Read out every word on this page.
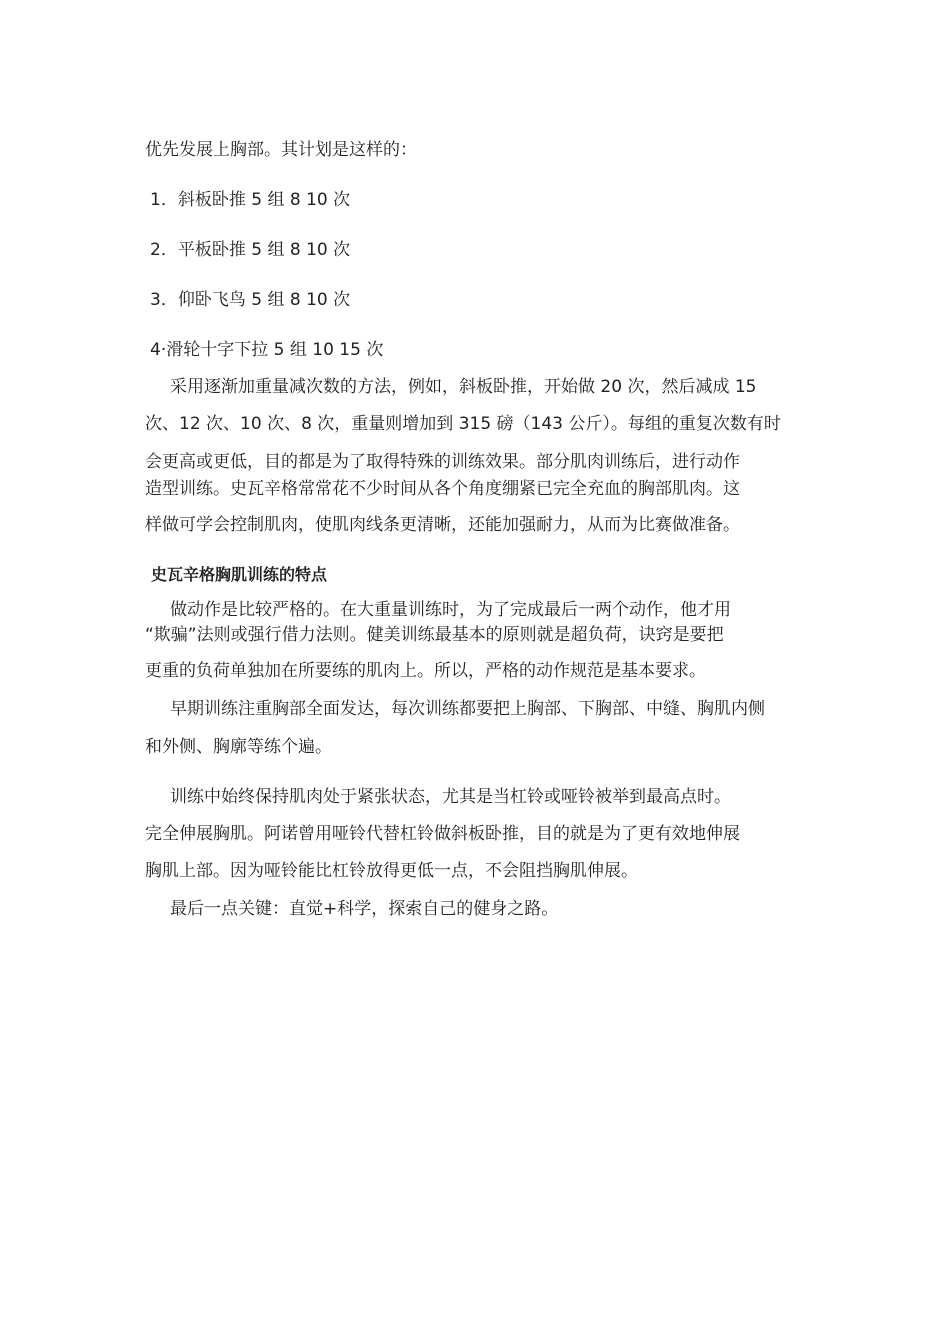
优先发展上胸部。其计划是这样的：
1．斜板卧推 5 组 8 10 次
2．平板卧推 5 组 8 10 次
3．仰卧飞鸟 5 组 8 10 次
4·滑轮十字下拉 5 组 10 15 次
采用逐渐加重量减次数的方法，例如，斜板卧推，开始做 20 次，然后减成 15
次、12 次、10 次、8 次，重量则增加到 315 磅（143 公斤）。每组的重复次数有时
会更高或更低，目的都是为了取得特殊的训练效果。部分肌肉训练后，进行动作
造型训练。史瓦辛格常常花不少时间从各个角度绷紧已完全充血的胸部肌肉。这
样做可学会控制肌肉，使肌肉线条更清晰，还能加强耐力，从而为比赛做准备。
史瓦辛格胸肌训练的特点
做动作是比较严格的。在大重量训练时，为了完成最后一两个动作，他才用
“欺骗”法则或强行借力法则。健美训练最基本的原则就是超负荷，诀窍是要把
更重的负荷单独加在所要练的肌肉上。所以，严格的动作规范是基本要求。
早期训练注重胸部全面发达，每次训练都要把上胸部、下胸部、中缝、胸肌内侧
和外侧、胸廓等练个遍。
训练中始终保持肌肉处于紧张状态，尤其是当杠铃或哑铃被举到最高点时。
完全伸展胸肌。阿诺曾用哑铃代替杠铃做斜板卧推，目的就是为了更有效地伸展
胸肌上部。因为哑铃能比杠铃放得更低一点，不会阻挡胸肌伸展。
最后一点关键：直觉+科学，探索自己的健身之路。
